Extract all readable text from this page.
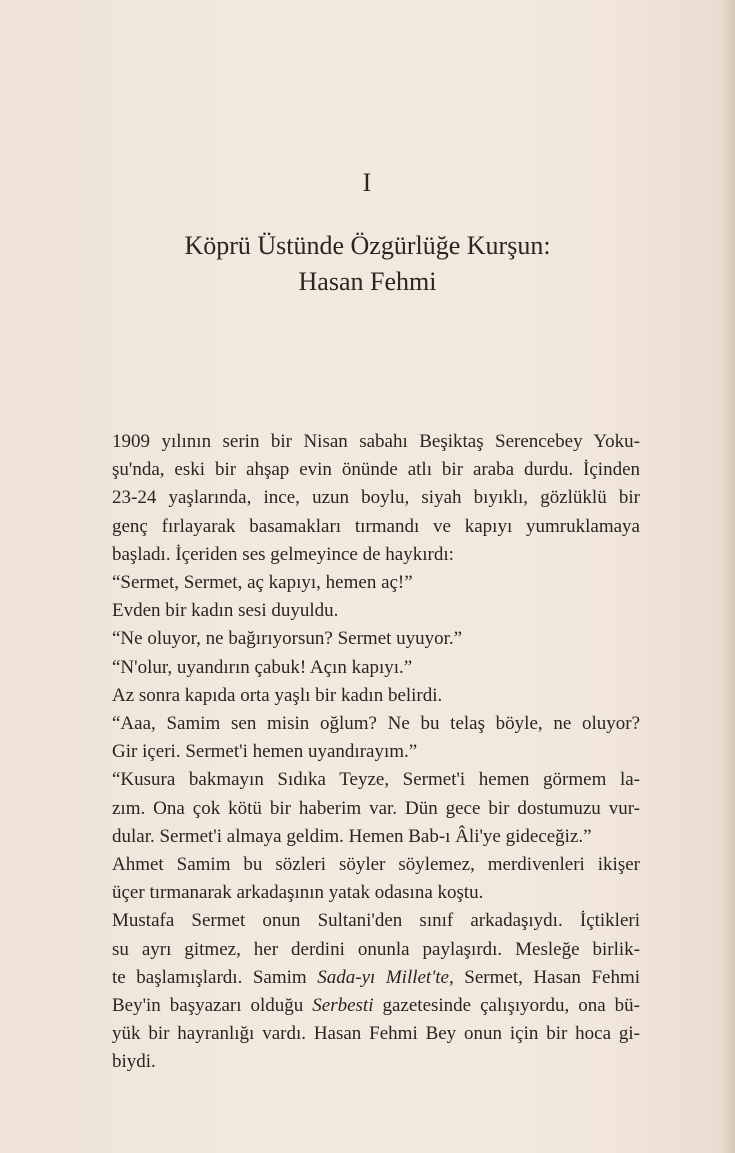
I
Köprü Üstünde Özgürlüğe Kurşun:
Hasan Fehmi

1909 yılının serin bir Nisan sabahı Beşiktaş Serencebey Yoku-
şu'nda, eski bir ahşap evin önünde atlı bir araba durdu. İçinden
23-24 yaşlarında, ince, uzun boylu, siyah bıyıklı, gözlüklü bir
genç fırlayarak basamakları tırmandı ve kapıyı yumruklamaya
başladı. İçeriden ses gelmeyince de haykırdı:

“Sermet, Sermet, aç kapıyı, hemen aç!”

Evden bir kadın sesi duyuldu.

“Ne oluyor, ne bağırıyorsun? Sermet uyuyor.”

“N'olur, uyandırın çabuk! Açın kapıyı.”

Az sonra kapıda orta yaşlı bir kadın belirdi.

“Aaa, Samim sen misin oğlum? Ne bu telaş böyle, ne oluyor?
Gir içeri. Sermet'i hemen uyandırayım.”

“Kusura bakmayın Sıdıka Teyze, Sermet'i hemen görmem la-
zım. Ona çok kötü bir haberim var. Dün gece bir dostumuzu vur-
dular. Sermet'i almaya geldim. Hemen Bab-ı Âli'ye gideceğiz.”

Ahmet Samim bu sözleri söyler söylemez, merdivenleri ikişer
üçer tırmanarak arkadaşının yatak odasına koştu.

Mustafa Sermet onun Sultani'den sınıf arkadaşıydı. İçtikleri
su ayrı gitmez, her derdini onunla paylaşırdı. Mesleğe birlik-
te başlamışlardı. Samim Sada-yı Millet'te, Sermet, Hasan Fehmi
Bey'in başyazarı olduğu Serbesti gazetesinde çalışıyordu, ona bü-
yük bir hayranlığı vardı. Hasan Fehmi Bey onun için bir hoca gi-
biydi.
